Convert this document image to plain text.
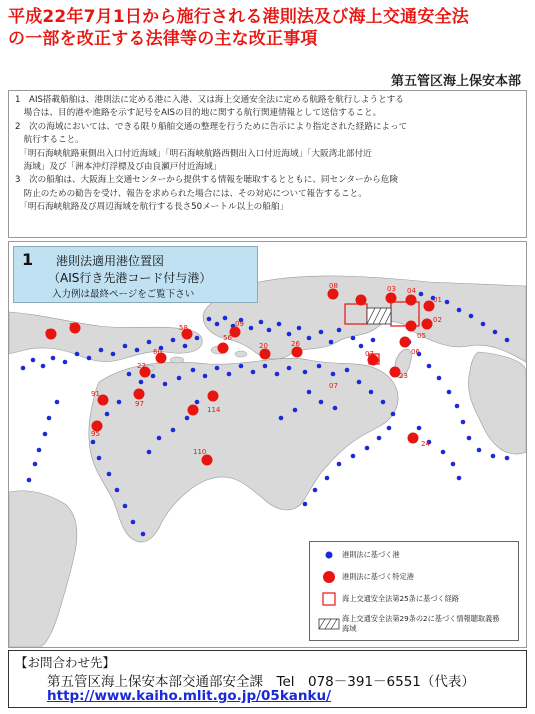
平成22年7月1日から施行される港則法及び海上交通安全法
の一部を改正する法律等の主な改正事項
第五管区海上保安本部

1　AIS搭載船舶は、港則法に定める港に入港、又は海上交通安全法に定める航路を航行しようとする

　場合は、目的港や進路を示す記号をAISの目的地に関する航行関連情報として送信すること。

2　次の海域においては、できる限り船舶交通の整理を行うために告示により指定された経路によって

　航行すること。

　「明石海峡航路東側出入口付近海域」「明石海峡航路西側出入口付近海域」「大阪湾北部付近

　海域」及び「洲本沖灯浮標及び由良瀬戸付近海域」

3　次の船舶は、大阪海上交通センターから提供する情報を聴取するとともに、同センターから危険

　防止のための勧告を受け、報告を求められた場合には、その対応について報告すること。

　「明石海峡航路及び周辺海域を航行する長さ50メートル以上の船舶」

09
08	03 04
01
02
06
05
07
23
56
52
49	58
60
20	26
22
91
97
95
114
110
24
07
1 港則法適用港位置図
（AIS行き先港コード付与港）
入力例は最終ページをご覧下さい
港則法に基づく港
港則法に基づく特定港
海上交通安全法第25条に基づく経路
海上交通安全法第29条の2に基づく情報聴取義務海域
【お問合わせ先】
第五管区海上保安本部交通部安全課　Tel　078－391－6551（代表）
http://www.kaiho.mlit.go.jp/05kanku/
